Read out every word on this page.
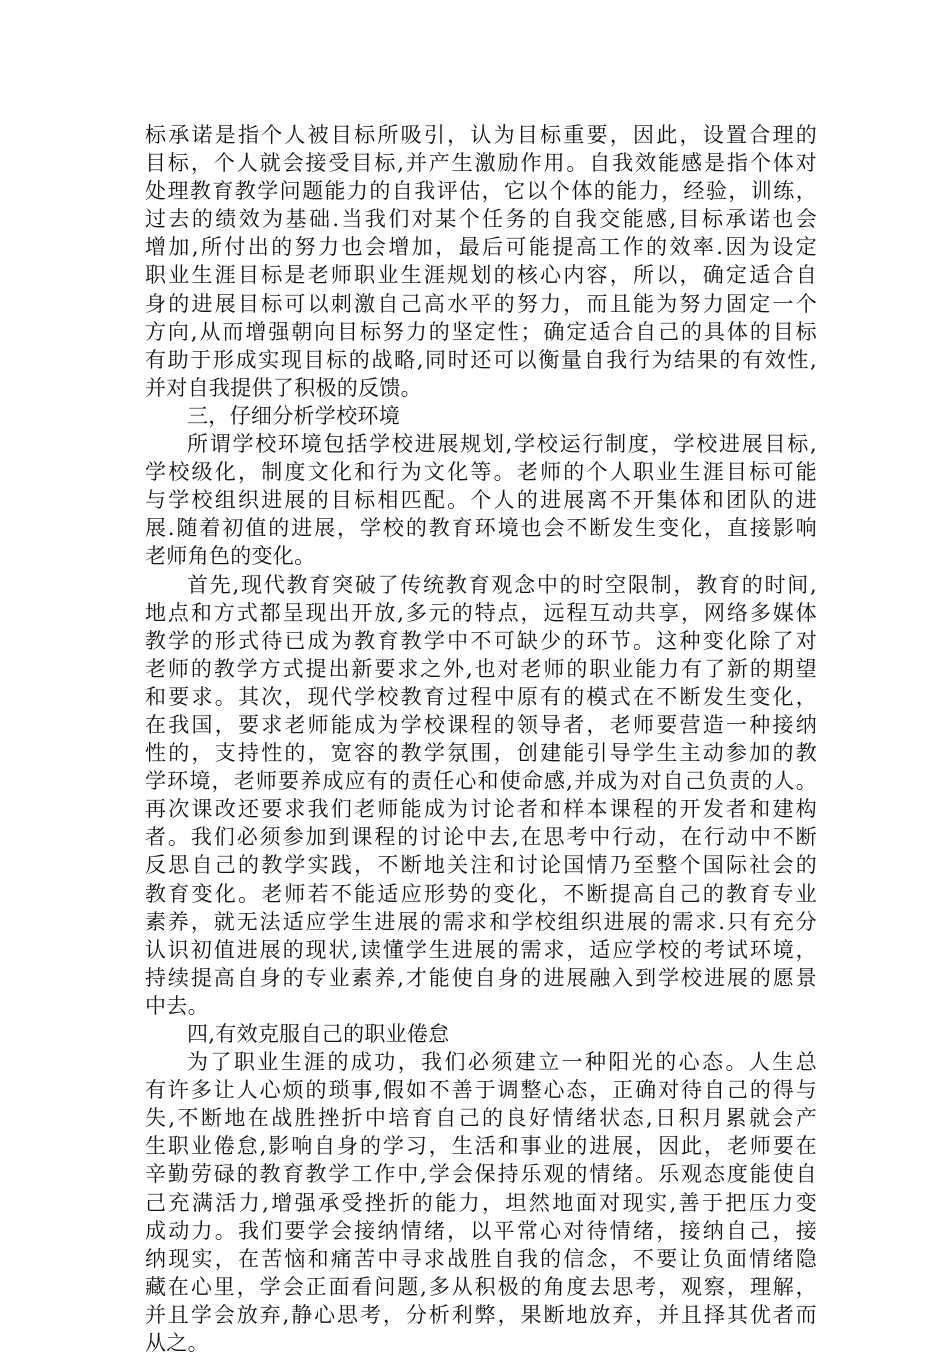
标承诺是指个人被目标所吸引，认为目标重要，因此，设置合理的
目标，个人就会接受目标,并产生激励作用。自我效能感是指个体对
处理教育教学问题能力的自我评估，它以个体的能力，经验，训练，
过去的绩效为基础.当我们对某个任务的自我交能感,目标承诺也会
增加,所付出的努力也会增加，最后可能提高工作的效率.因为设定
职业生涯目标是老师职业生涯规划的核心内容，所以，确定适合自
身的进展目标可以刺激自己高水平的努力，而且能为努力固定一个
方向,从而增强朝向目标努力的坚定性；确定适合自己的具体的目标
有助于形成实现目标的战略,同时还可以衡量自我行为结果的有效性,
并对自我提供了积极的反馈。
三，仔细分析学校环境
所谓学校环境包括学校进展规划,学校运行制度，学校进展目标,
学校级化，制度文化和行为文化等。老师的个人职业生涯目标可能
与学校组织进展的目标相匹配。个人的进展离不开集体和团队的进
展.随着初值的进展，学校的教育环境也会不断发生变化，直接影响
老师角色的变化。
首先,现代教育突破了传统教育观念中的时空限制，教育的时间,
地点和方式都呈现出开放,多元的特点，远程互动共享，网络多媒体
教学的形式待已成为教育教学中不可缺少的环节。这种变化除了对
老师的教学方式提出新要求之外,也对老师的职业能力有了新的期望
和要求。其次，现代学校教育过程中原有的模式在不断发生变化，
在我国，要求老师能成为学校课程的领导者，老师要营造一种接纳
性的，支持性的，宽容的教学氛围，创建能引导学生主动参加的教
学环境，老师要养成应有的责任心和使命感,并成为对自己负责的人。
再次课改还要求我们老师能成为讨论者和样本课程的开发者和建构
者。我们必须参加到课程的讨论中去,在思考中行动，在行动中不断
反思自己的教学实践，不断地关注和讨论国情乃至整个国际社会的
教育变化。老师若不能适应形势的变化，不断提高自己的教育专业
素养，就无法适应学生进展的需求和学校组织进展的需求.只有充分
认识初值进展的现状,读懂学生进展的需求，适应学校的考试环境，
持续提高自身的专业素养,才能使自身的进展融入到学校进展的愿景
中去。
四,有效克服自己的职业倦怠
为了职业生涯的成功，我们必须建立一种阳光的心态。人生总
有许多让人心烦的琐事,假如不善于调整心态，正确对待自己的得与
失,不断地在战胜挫折中培育自己的良好情绪状态,日积月累就会产
生职业倦怠,影响自身的学习，生活和事业的进展，因此，老师要在
辛勤劳碌的教育教学工作中,学会保持乐观的情绪。乐观态度能使自
己充满活力,增强承受挫折的能力，坦然地面对现实,善于把压力变
成动力。我们要学会接纳情绪，以平常心对待情绪，接纳自己，接
纳现实，在苦恼和痛苦中寻求战胜自我的信念，不要让负面情绪隐
藏在心里，学会正面看问题,多从积极的角度去思考，观察，理解，
并且学会放弃,静心思考，分析利弊，果断地放弃，并且择其优者而
从之。
